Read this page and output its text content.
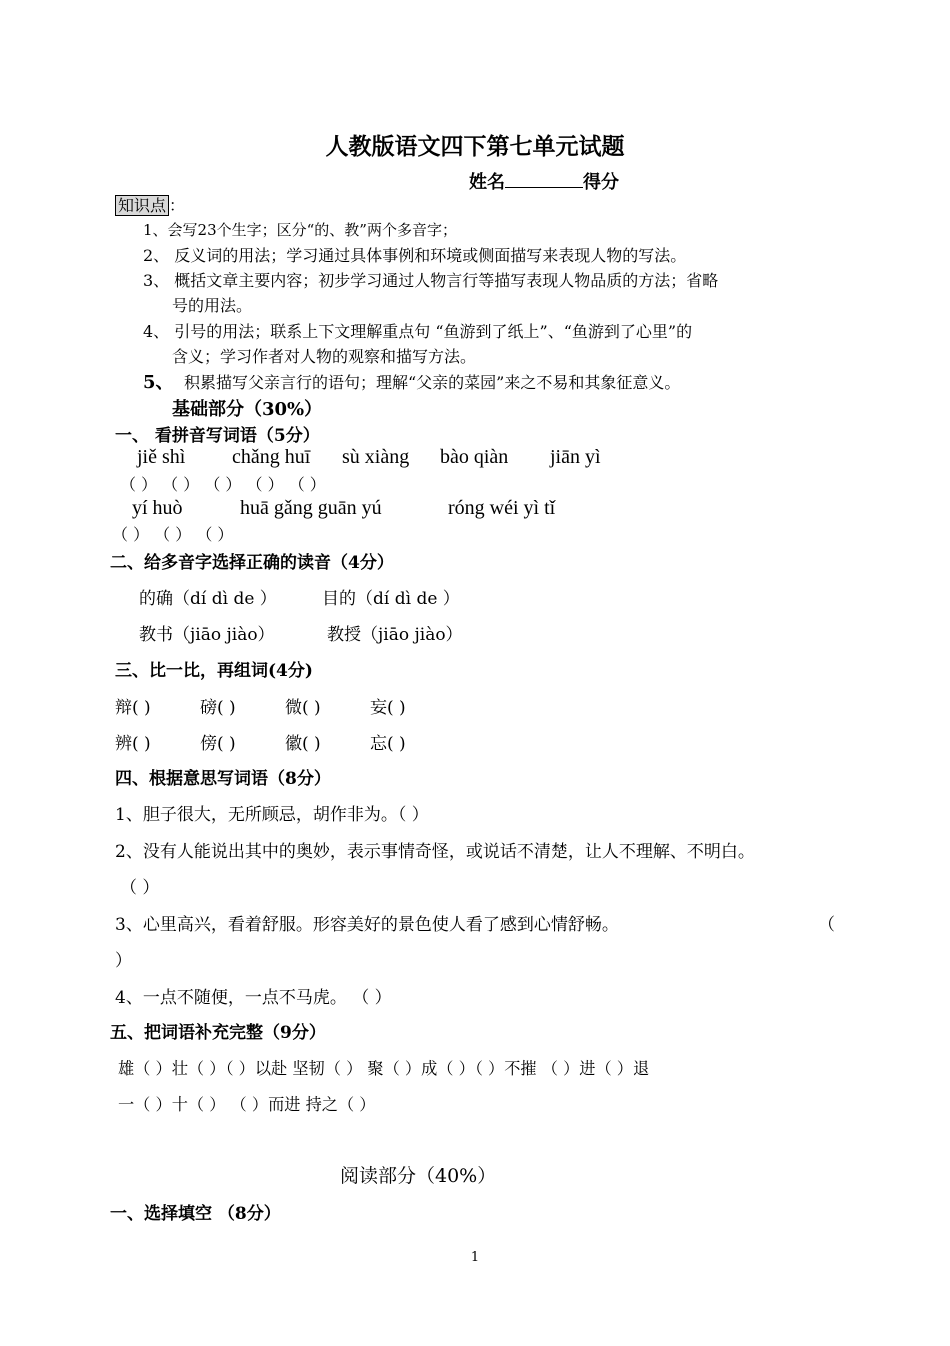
人教版语文四下第七单元试题
姓名	得分
知识点 ：
1、会写23个生字；区分“的、教”两个多音字；
2、 反义词的用法；学习通过具体事例和环境或侧面描写来表现人物的写法。
3、 概括文章主要内容；初步学习通过人物言行等描写表现人物品质的方法；省略
号的用法。
4、 引号的用法；联系上下文理解重点句 “鱼游到了纸上”、“鱼游到了心里”的
含义；学习作者对人物的观察和描写方法。
5、 积累描写父亲言行的语句；理解“父亲的菜园”来之不易和其象征意义。
基础部分（30%）
一、 看拼音写词语（5分）
jiě shì chǎng huī sù xiàng bào qiàn jiān yì
（ ） （ ） （ ） （ ） （ ）
yí huò	huā gǎng guān yú	róng wéi yì tǐ
（ ） （ ） （ ）
二、给多音字选择正确的读音（4分）
的确（dí dì de ）	目的（dí dì de ）
教书（jiāo jiào）	教授（jiāo jiào）
三、比一比，再组词(4分)
辩( )	磅( )	微( )	妄( )
辨( )	傍( )	徽( )	忘( )
四、根据意思写词语（8分）
1、胆子很大，无所顾忌，胡作非为。（ ）
2、没有人能说出其中的奥妙，表示事情奇怪，或说话不清楚，让人不理解、不明白。
（ ）
3、心里高兴，看着舒服。形容美好的景色使人看了感到心情舒畅。	（
）
4、一点不随便，一点不马虎。 （ ）
五、把词语补充完整（9分）
雄（ ）壮（ ）（ ）以赴 坚韧（ ） 聚（ ）成（ ）（ ）不摧 （ ）进（ ）退
一（ ）十（ ） （ ）而进 持之（ ）
阅读部分（40%）
一、选择填空 （8分）
1
